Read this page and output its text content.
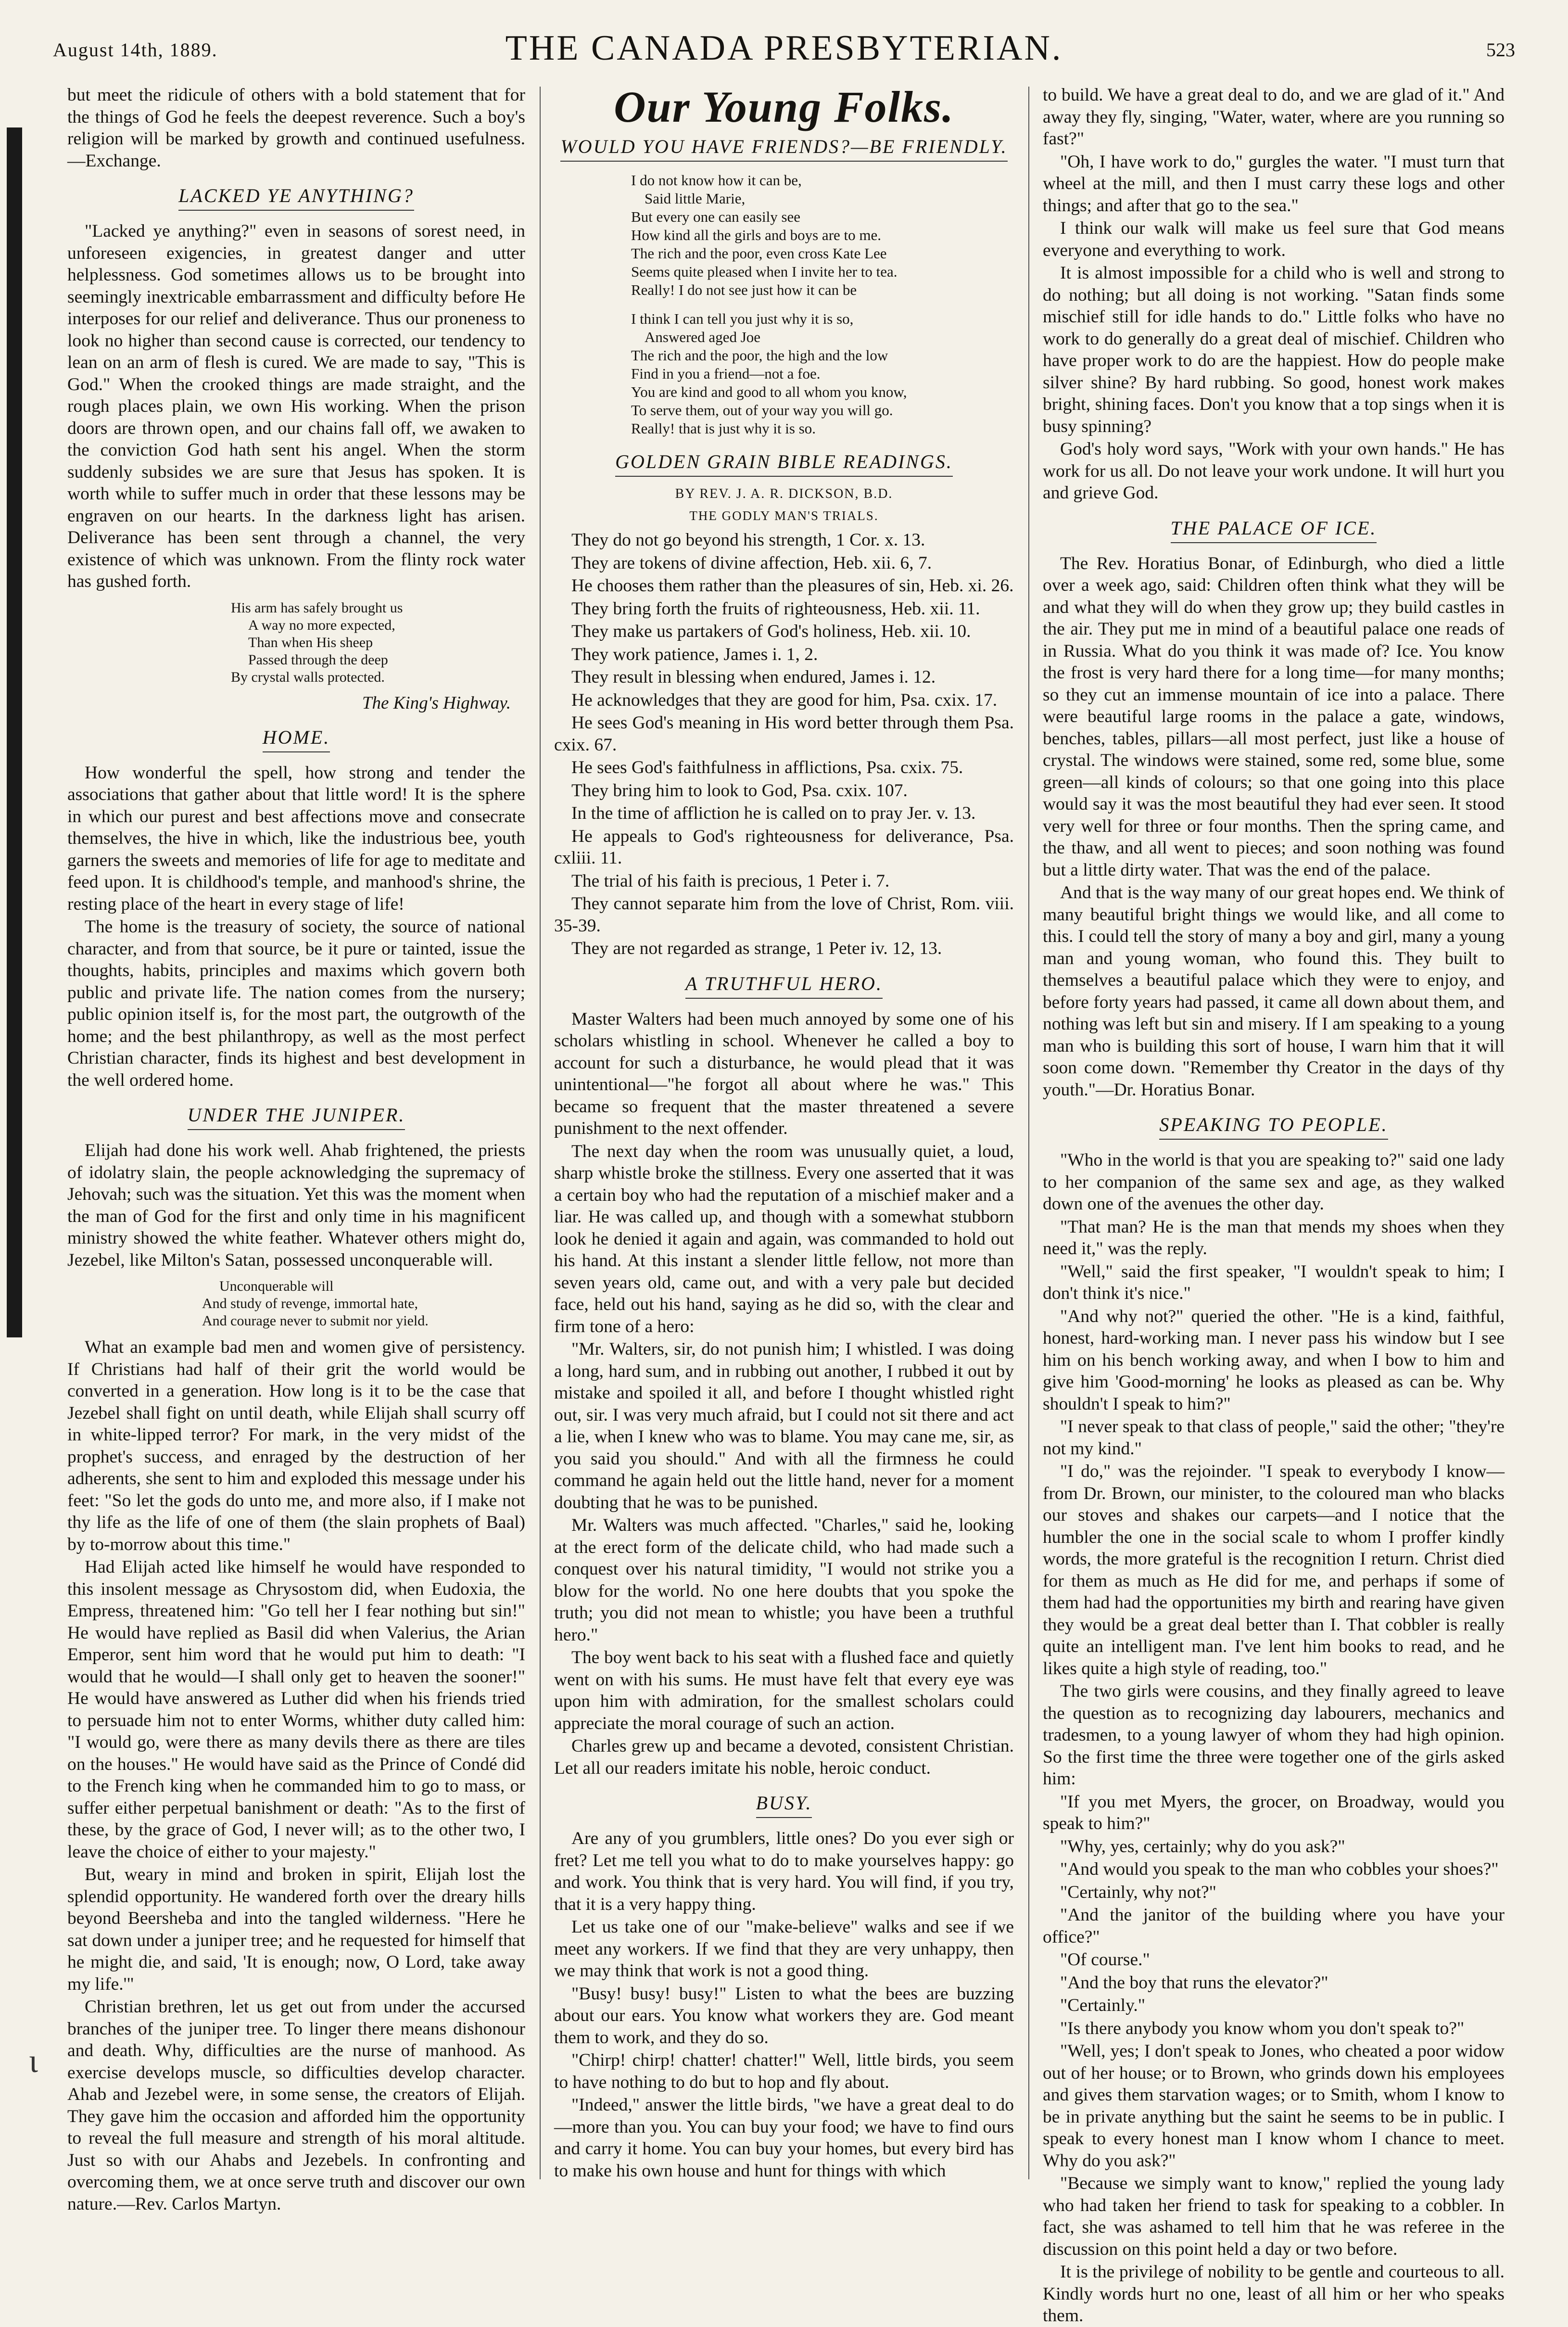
ɩ
August 14th, 1889.	THE CANADA PRESBYTERIAN.	523

but meet the ridicule of others with a bold statement that for the things of God he feels the deepest reverence. Such a boy's religion will be marked by growth and continued usefulness. —Exchange.

LACKED YE ANYTHING?

"Lacked ye anything?" even in seasons of sorest need, in unforeseen exigencies, in greatest danger and utter helplessness. God sometimes allows us to be brought into seemingly inextricable embarrassment and difficulty before He interposes for our relief and deliverance. Thus our proneness to look no higher than second cause is corrected, our tendency to lean on an arm of flesh is cured. We are made to say, "This is God." When the crooked things are made straight, and the rough places plain, we own His working. When the prison doors are thrown open, and our chains fall off, we awaken to the conviction God hath sent his angel. When the storm suddenly subsides we are sure that Jesus has spoken. It is worth while to suffer much in order that these lessons may be engraven on our hearts. In the darkness light has arisen. Deliverance has been sent through a channel, the very existence of which was unknown. From the flinty rock water has gushed forth.

His arm has safely brought us
A way no more expected,
Than when His sheep
Passed through the deep
By crystal walls protected.
The King's Highway.
HOME.

How wonderful the spell, how strong and tender the associations that gather about that little word! It is the sphere in which our purest and best affections move and consecrate themselves, the hive in which, like the industrious bee, youth garners the sweets and memories of life for age to meditate and feed upon. It is childhood's temple, and manhood's shrine, the resting place of the heart in every stage of life!

The home is the treasury of society, the source of national character, and from that source, be it pure or tainted, issue the thoughts, habits, principles and maxims which govern both public and private life. The nation comes from the nursery; public opinion itself is, for the most part, the outgrowth of the home; and the best philanthropy, as well as the most perfect Christian character, finds its highest and best development in the well ordered home.

UNDER THE JUNIPER.

Elijah had done his work well. Ahab frightened, the priests of idolatry slain, the people acknowledging the supremacy of Jehovah; such was the situation. Yet this was the moment when the man of God for the first and only time in his magnificent ministry showed the white feather. Whatever others might do, Jezebel, like Milton's Satan, possessed unconquerable will.

Unconquerable will
And study of revenge, immortal hate,
And courage never to submit nor yield.

What an example bad men and women give of persistency. If Christians had half of their grit the world would be converted in a generation. How long is it to be the case that Jezebel shall fight on until death, while Elijah shall scurry off in white-lipped terror? For mark, in the very midst of the prophet's success, and enraged by the destruction of her adherents, she sent to him and exploded this message under his feet: "So let the gods do unto me, and more also, if I make not thy life as the life of one of them (the slain prophets of Baal) by to-morrow about this time."

Had Elijah acted like himself he would have responded to this insolent message as Chrysostom did, when Eudoxia, the Empress, threatened him: "Go tell her I fear nothing but sin!" He would have replied as Basil did when Valerius, the Arian Emperor, sent him word that he would put him to death: "I would that he would—I shall only get to heaven the sooner!" He would have answered as Luther did when his friends tried to persuade him not to enter Worms, whither duty called him: "I would go, were there as many devils there as there are tiles on the houses." He would have said as the Prince of Condé did to the French king when he commanded him to go to mass, or suffer either perpetual banishment or death: "As to the first of these, by the grace of God, I never will; as to the other two, I leave the choice of either to your majesty."

But, weary in mind and broken in spirit, Elijah lost the splendid opportunity. He wandered forth over the dreary hills beyond Beersheba and into the tangled wilderness. "Here he sat down under a juniper tree; and he requested for himself that he might die, and said, 'It is enough; now, O Lord, take away my life.'"

Christian brethren, let us get out from under the accursed branches of the juniper tree. To linger there means dishonour and death. Why, difficulties are the nurse of manhood. As exercise develops muscle, so difficulties develop character. Ahab and Jezebel were, in some sense, the creators of Elijah. They gave him the occasion and afforded him the opportunity to reveal the full measure and strength of his moral altitude. Just so with our Ahabs and Jezebels. In confronting and overcoming them, we at once serve truth and discover our own nature.—Rev. Carlos Martyn.

Our Young Folks.
WOULD YOU HAVE FRIENDS?—BE FRIENDLY.
I do not know how it can be,
Said little Marie,
But every one can easily see
How kind all the girls and boys are to me.
The rich and the poor, even cross Kate Lee
Seems quite pleased when I invite her to tea.
Really! I do not see just how it can be
I think I can tell you just why it is so,
Answered aged Joe
The rich and the poor, the high and the low
Find in you a friend—not a foe.
You are kind and good to all whom you know,
To serve them, out of your way you will go.
Really! that is just why it is so.
GOLDEN GRAIN BIBLE READINGS.
BY REV. J. A. R. DICKSON, B.D.
THE GODLY MAN'S TRIALS.

They do not go beyond his strength, 1 Cor. x. 13.

They are tokens of divine affection, Heb. xii. 6, 7.

He chooses them rather than the pleasures of sin, Heb. xi. 26.

They bring forth the fruits of righteousness, Heb. xii. 11.

They make us partakers of God's holiness, Heb. xii. 10.

They work patience, James i. 1, 2.

They result in blessing when endured, James i. 12.

He acknowledges that they are good for him, Psa. cxix. 17.

He sees God's meaning in His word better through them Psa. cxix. 67.

He sees God's faithfulness in afflictions, Psa. cxix. 75.

They bring him to look to God, Psa. cxix. 107.

In the time of affliction he is called on to pray Jer. v. 13.

He appeals to God's righteousness for deliverance, Psa. cxliii. 11.

The trial of his faith is precious, 1 Peter i. 7.

They cannot separate him from the love of Christ, Rom. viii. 35-39.

They are not regarded as strange, 1 Peter iv. 12, 13.

A TRUTHFUL HERO.

Master Walters had been much annoyed by some one of his scholars whistling in school. Whenever he called a boy to account for such a disturbance, he would plead that it was unintentional—"he forgot all about where he was." This became so frequent that the master threatened a severe punishment to the next offender.

The next day when the room was unusually quiet, a loud, sharp whistle broke the stillness. Every one asserted that it was a certain boy who had the reputation of a mischief maker and a liar. He was called up, and though with a somewhat stubborn look he denied it again and again, was commanded to hold out his hand. At this instant a slender little fellow, not more than seven years old, came out, and with a very pale but decided face, held out his hand, saying as he did so, with the clear and firm tone of a hero:

"Mr. Walters, sir, do not punish him; I whistled. I was doing a long, hard sum, and in rubbing out another, I rubbed it out by mistake and spoiled it all, and before I thought whistled right out, sir. I was very much afraid, but I could not sit there and act a lie, when I knew who was to blame. You may cane me, sir, as you said you should." And with all the firmness he could command he again held out the little hand, never for a moment doubting that he was to be punished.

Mr. Walters was much affected. "Charles," said he, looking at the erect form of the delicate child, who had made such a conquest over his natural timidity, "I would not strike you a blow for the world. No one here doubts that you spoke the truth; you did not mean to whistle; you have been a truthful hero."

The boy went back to his seat with a flushed face and quietly went on with his sums. He must have felt that every eye was upon him with admiration, for the smallest scholars could appreciate the moral courage of such an action.

Charles grew up and became a devoted, consistent Christian. Let all our readers imitate his noble, heroic conduct.

BUSY.

Are any of you grumblers, little ones? Do you ever sigh or fret? Let me tell you what to do to make yourselves happy: go and work. You think that is very hard. You will find, if you try, that it is a very happy thing.

Let us take one of our "make-believe" walks and see if we meet any workers. If we find that they are very unhappy, then we may think that work is not a good thing.

"Busy! busy! busy!" Listen to what the bees are buzzing about our ears. You know what workers they are. God meant them to work, and they do so.

"Chirp! chirp! chatter! chatter!" Well, little birds, you seem to have nothing to do but to hop and fly about.

"Indeed," answer the little birds, "we have a great deal to do—more than you. You can buy your food; we have to find ours and carry it home. You can buy your homes, but every bird has to make his own house and hunt for things with which

to build. We have a great deal to do, and we are glad of it." And away they fly, singing, "Water, water, where are you running so fast?"

"Oh, I have work to do," gurgles the water. "I must turn that wheel at the mill, and then I must carry these logs and other things; and after that go to the sea."

I think our walk will make us feel sure that God means everyone and everything to work.

It is almost impossible for a child who is well and strong to do nothing; but all doing is not working. "Satan finds some mischief still for idle hands to do." Little folks who have no work to do generally do a great deal of mischief. Children who have proper work to do are the happiest. How do people make silver shine? By hard rubbing. So good, honest work makes bright, shining faces. Don't you know that a top sings when it is busy spinning?

God's holy word says, "Work with your own hands." He has work for us all. Do not leave your work undone. It will hurt you and grieve God.

THE PALACE OF ICE.

The Rev. Horatius Bonar, of Edinburgh, who died a little over a week ago, said: Children often think what they will be and what they will do when they grow up; they build castles in the air. They put me in mind of a beautiful palace one reads of in Russia. What do you think it was made of? Ice. You know the frost is very hard there for a long time—for many months; so they cut an immense mountain of ice into a palace. There were beautiful large rooms in the palace a gate, windows, benches, tables, pillars—all most perfect, just like a house of crystal. The windows were stained, some red, some blue, some green—all kinds of colours; so that one going into this place would say it was the most beautiful they had ever seen. It stood very well for three or four months. Then the spring came, and the thaw, and all went to pieces; and soon nothing was found but a little dirty water. That was the end of the palace.

And that is the way many of our great hopes end. We think of many beautiful bright things we would like, and all come to this. I could tell the story of many a boy and girl, many a young man and young woman, who found this. They built to themselves a beautiful palace which they were to enjoy, and before forty years had passed, it came all down about them, and nothing was left but sin and misery. If I am speaking to a young man who is building this sort of house, I warn him that it will soon come down. "Remember thy Creator in the days of thy youth."—Dr. Horatius Bonar.

SPEAKING TO PEOPLE.

"Who in the world is that you are speaking to?" said one lady to her companion of the same sex and age, as they walked down one of the avenues the other day.

"That man? He is the man that mends my shoes when they need it," was the reply.

"Well," said the first speaker, "I wouldn't speak to him; I don't think it's nice."

"And why not?" queried the other. "He is a kind, faithful, honest, hard-working man. I never pass his window but I see him on his bench working away, and when I bow to him and give him 'Good-morning' he looks as pleased as can be. Why shouldn't I speak to him?"

"I never speak to that class of people," said the other; "they're not my kind."

"I do," was the rejoinder. "I speak to everybody I know—from Dr. Brown, our minister, to the coloured man who blacks our stoves and shakes our carpets—and I notice that the humbler the one in the social scale to whom I proffer kindly words, the more grateful is the recognition I return. Christ died for them as much as He did for me, and perhaps if some of them had had the opportunities my birth and rearing have given they would be a great deal better than I. That cobbler is really quite an intelligent man. I've lent him books to read, and he likes quite a high style of reading, too."

The two girls were cousins, and they finally agreed to leave the question as to recognizing day labourers, mechanics and tradesmen, to a young lawyer of whom they had high opinion. So the first time the three were together one of the girls asked him:

"If you met Myers, the grocer, on Broadway, would you speak to him?"

"Why, yes, certainly; why do you ask?"

"And would you speak to the man who cobbles your shoes?"

"Certainly, why not?"

"And the janitor of the building where you have your office?"

"Of course."

"And the boy that runs the elevator?"

"Certainly."

"Is there anybody you know whom you don't speak to?"

"Well, yes; I don't speak to Jones, who cheated a poor widow out of her house; or to Brown, who grinds down his employees and gives them starvation wages; or to Smith, whom I know to be in private anything but the saint he seems to be in public. I speak to every honest man I know whom I chance to meet. Why do you ask?"

"Because we simply want to know," replied the young lady who had taken her friend to task for speaking to a cobbler. In fact, she was ashamed to tell him that he was referee in the discussion on this point held a day or two before.

It is the privilege of nobility to be gentle and courteous to all. Kindly words hurt no one, least of all him or her who speaks them.
